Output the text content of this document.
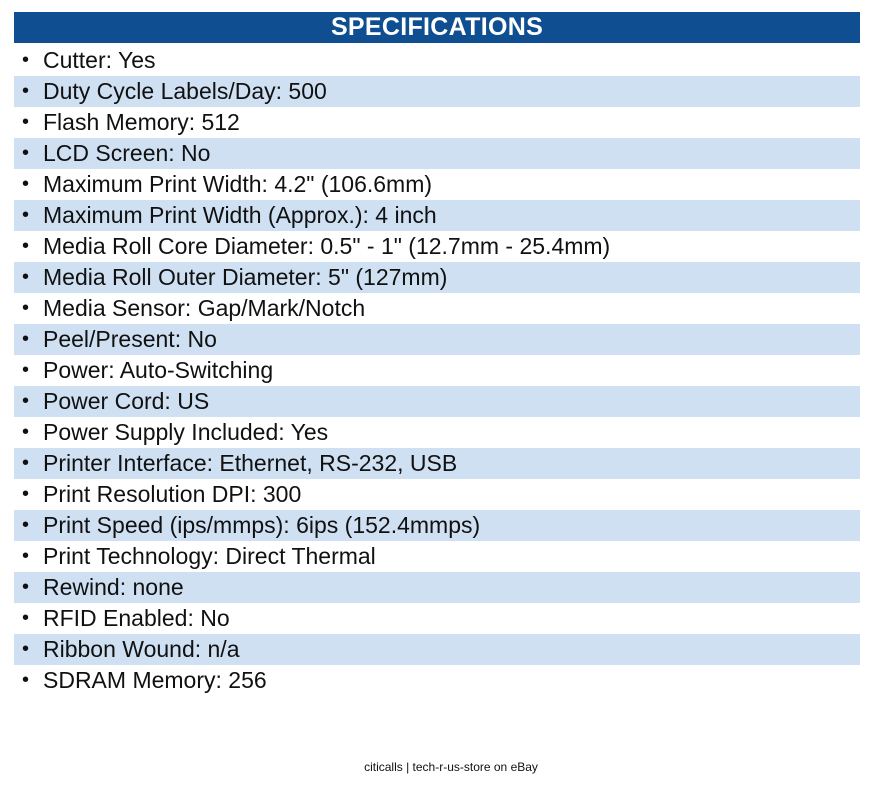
SPECIFICATIONS
• Cutter: Yes
• Duty Cycle Labels/Day: 500
• Flash Memory: 512
• LCD Screen: No
• Maximum Print Width: 4.2" (106.6mm)
• Maximum Print Width (Approx.): 4 inch
• Media Roll Core Diameter: 0.5" - 1" (12.7mm - 25.4mm)
• Media Roll Outer Diameter: 5" (127mm)
• Media Sensor: Gap/Mark/Notch
• Peel/Present: No
• Power: Auto-Switching
• Power Cord: US
• Power Supply Included: Yes
• Printer Interface: Ethernet, RS-232, USB
• Print Resolution DPI: 300
• Print Speed (ips/mmps): 6ips (152.4mmps)
• Print Technology: Direct Thermal
• Rewind: none
• RFID Enabled: No
• Ribbon Wound: n/a
• SDRAM Memory: 256
citicalls | tech-r-us-store on eBay
